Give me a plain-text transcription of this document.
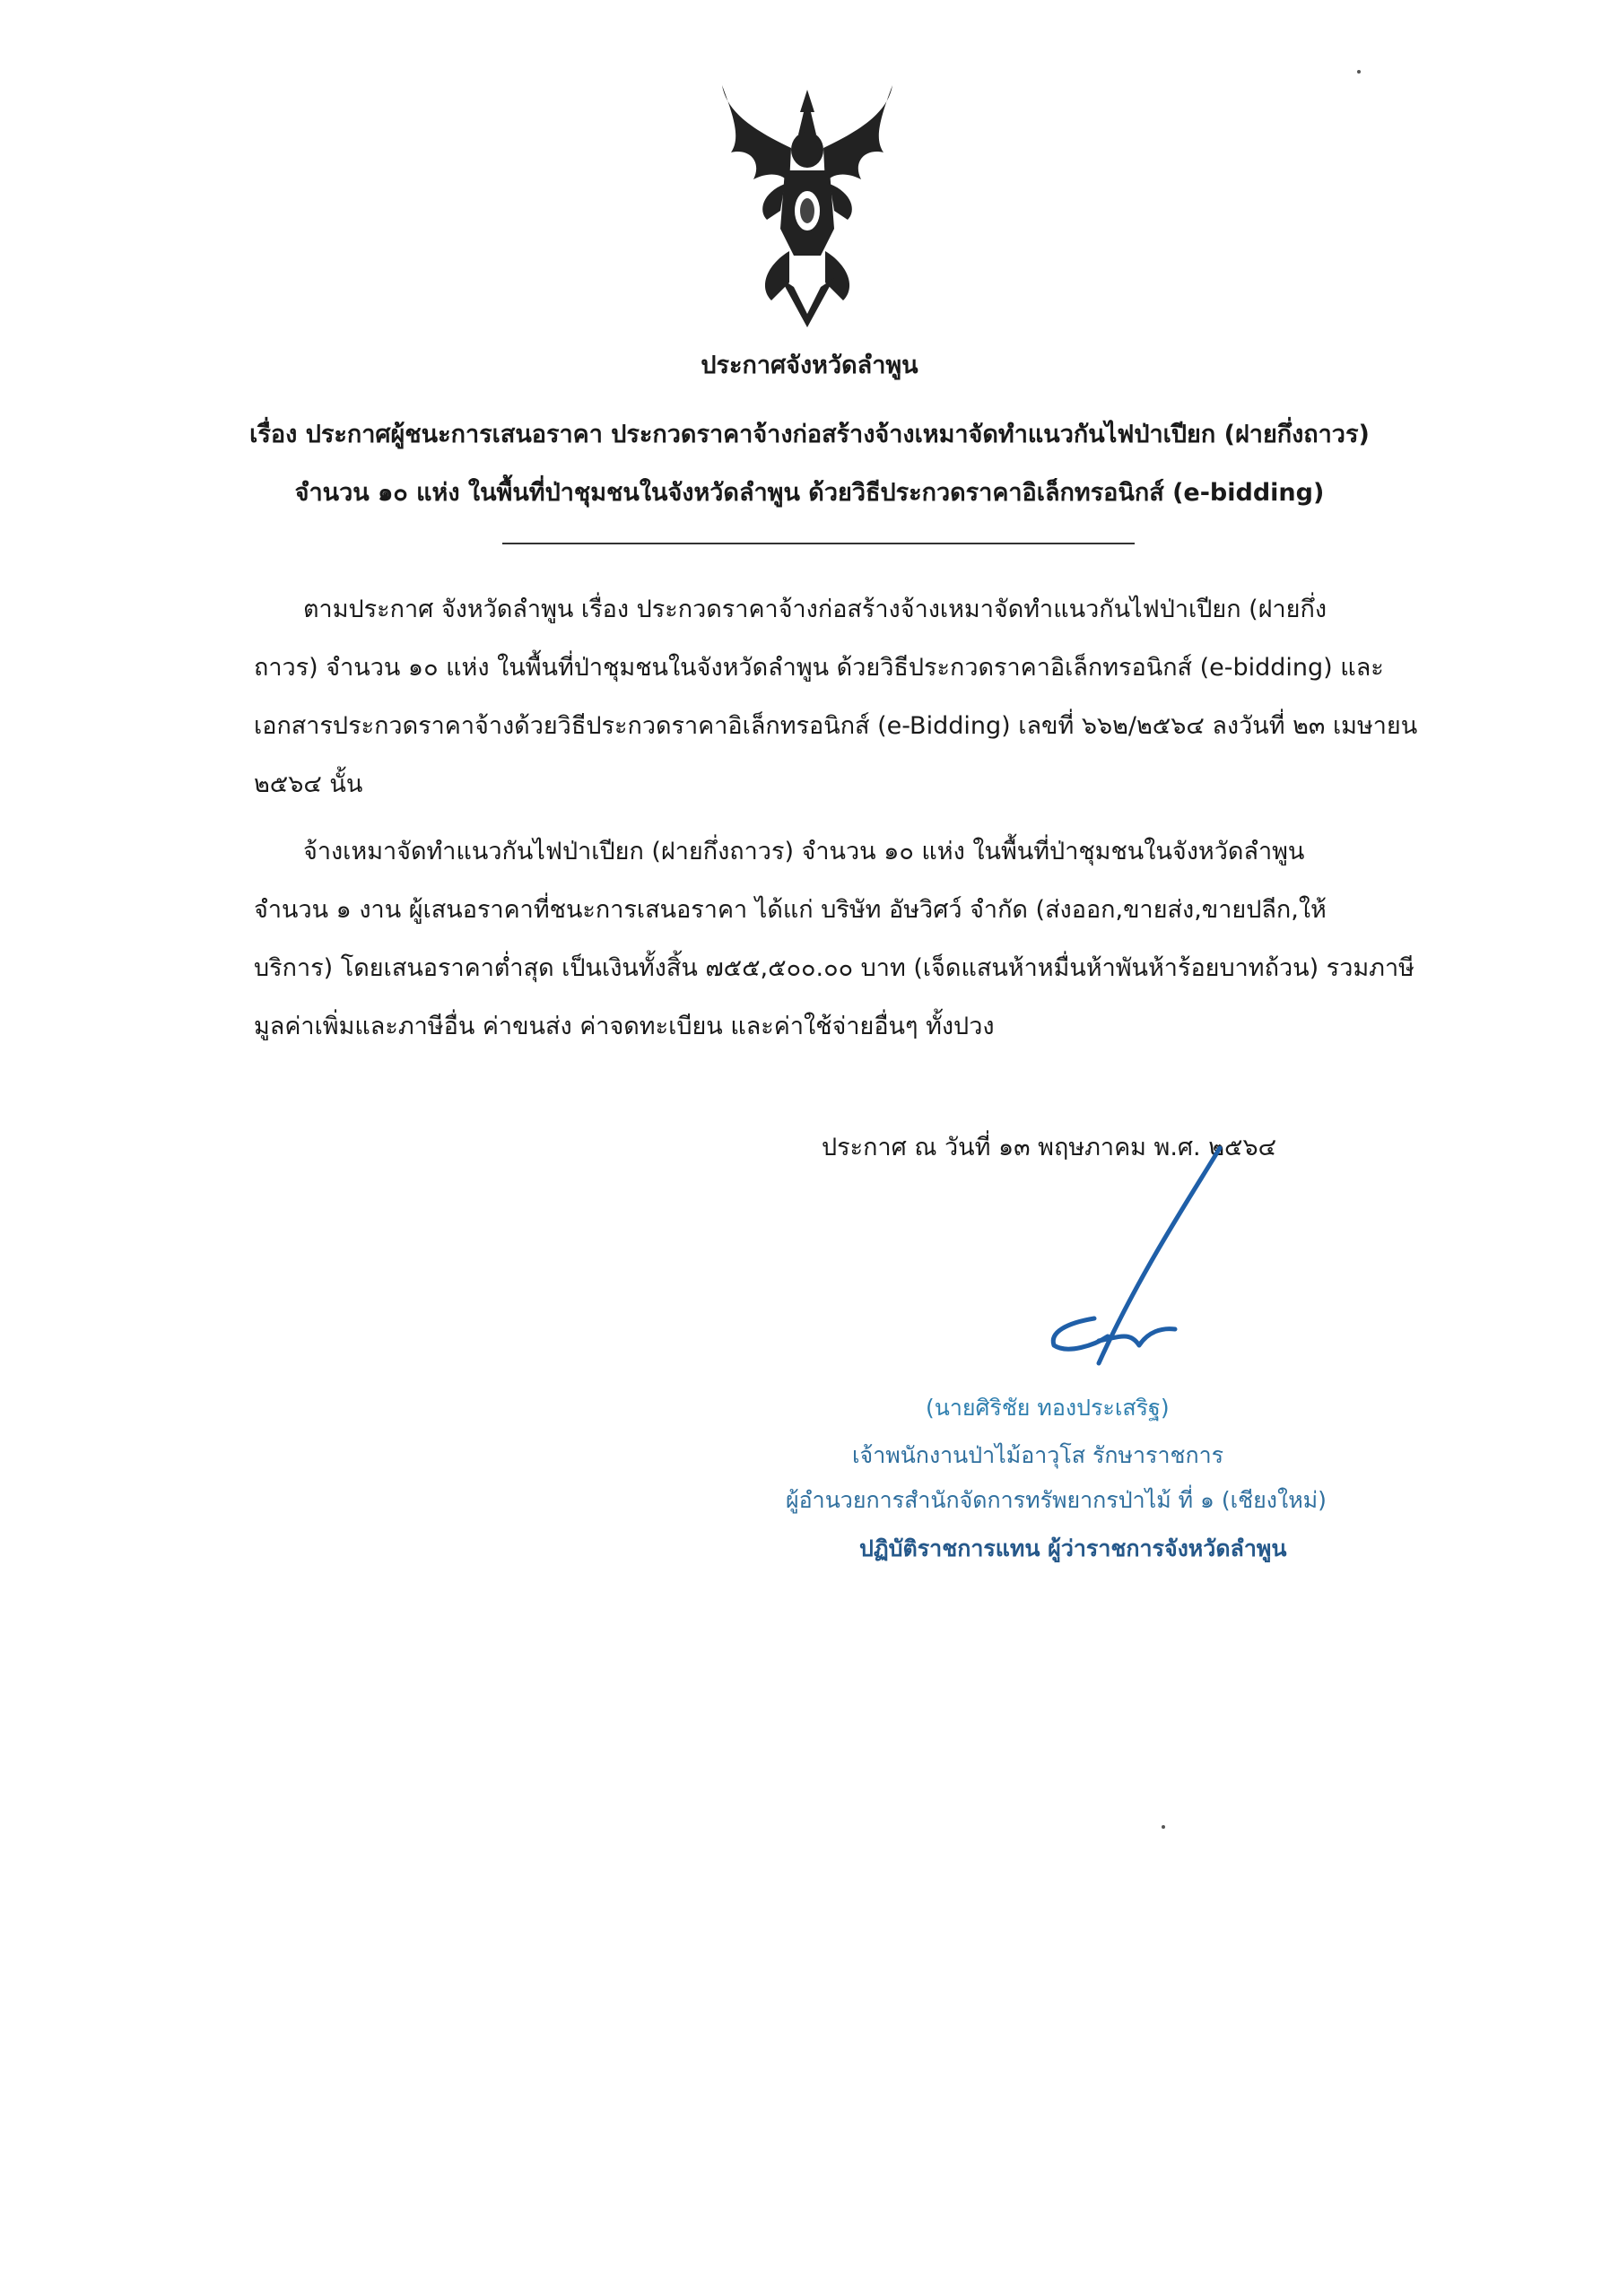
ประกาศจังหวัดลำพูน
เรื่อง ประกาศผู้ชนะการเสนอราคา ประกวดราคาจ้างก่อสร้างจ้างเหมาจัดทำแนวกันไฟป่าเปียก (ฝายกึ่งถาวร)
จำนวน ๑๐ แห่ง ในพื้นที่ป่าชุมชนในจังหวัดลำพูน ด้วยวิธีประกวดราคาอิเล็กทรอนิกส์ (e-bidding)
ตามประกาศ จังหวัดลำพูน เรื่อง ประกวดราคาจ้างก่อสร้างจ้างเหมาจัดทำแนวกันไฟป่าเปียก (ฝายกึ่ง
ถาวร) จำนวน ๑๐ แห่ง ในพื้นที่ป่าชุมชนในจังหวัดลำพูน ด้วยวิธีประกวดราคาอิเล็กทรอนิกส์ (e-bidding) และ
เอกสารประกวดราคาจ้างด้วยวิธีประกวดราคาอิเล็กทรอนิกส์ (e-Bidding) เลขที่ ๖๖๒/๒๕๖๔ ลงวันที่ ๒๓ เมษายน
๒๕๖๔ นั้น
จ้างเหมาจัดทำแนวกันไฟป่าเปียก (ฝายกึ่งถาวร) จำนวน ๑๐ แห่ง ในพื้นที่ป่าชุมชนในจังหวัดลำพูน
จำนวน ๑ งาน ผู้เสนอราคาที่ชนะการเสนอราคา ได้แก่ บริษัท อัษวิศว์ จำกัด (ส่งออก,ขายส่ง,ขายปลีก,ให้
บริการ) โดยเสนอราคาต่ำสุด เป็นเงินทั้งสิ้น ๗๕๕,๕๐๐.๐๐ บาท (เจ็ดแสนห้าหมื่นห้าพันห้าร้อยบาทถ้วน) รวมภาษี
มูลค่าเพิ่มและภาษีอื่น ค่าขนส่ง ค่าจดทะเบียน และค่าใช้จ่ายอื่นๆ ทั้งปวง
ประกาศ ณ วันที่ ๑๓ พฤษภาคม พ.ศ. ๒๕๖๔
(นายศิริชัย ทองประเสริฐ)
เจ้าพนักงานป่าไม้อาวุโส รักษาราชการ
ผู้อำนวยการสำนักจัดการทรัพยากรป่าไม้ ที่ ๑ (เชียงใหม่)
ปฏิบัติราชการแทน ผู้ว่าราชการจังหวัดลำพูน
